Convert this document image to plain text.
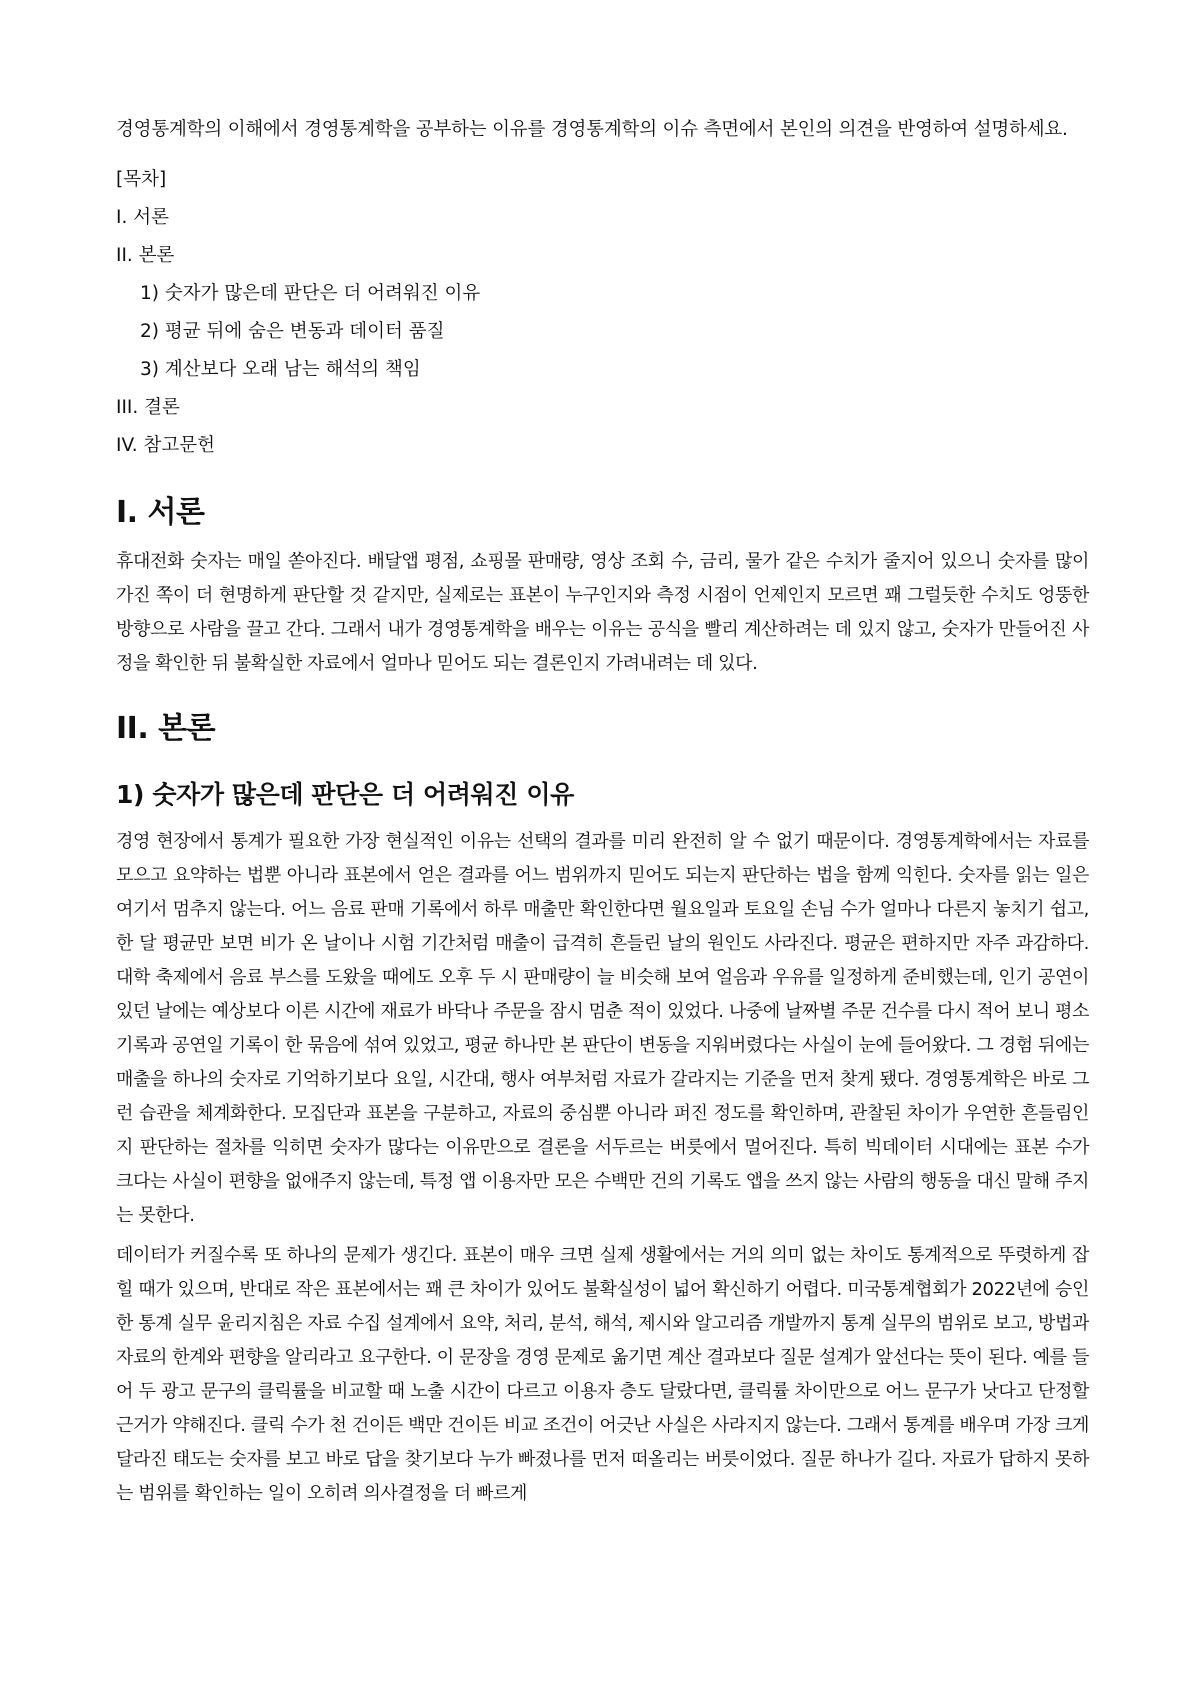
경영통계학의 이해에서 경영통계학을 공부하는 이유를 경영통계학의 이슈 측면에서 본인의 의견을 반영하여 설명하세요.

[목차]

I. 서론

II. 본론

1) 숫자가 많은데 판단은 더 어려워진 이유

2) 평균 뒤에 숨은 변동과 데이터 품질

3) 계산보다 오래 남는 해석의 책임

III. 결론

IV. 참고문헌

I. 서론

휴대전화 숫자는 매일 쏟아진다. 배달앱 평점, 쇼핑몰 판매량, 영상 조회 수, 금리, 물가 같은 수치가 줄지어 있으니 숫자를 많이 가진 쪽이 더 현명하게 판단할 것 같지만, 실제로는 표본이 누구인지와 측정 시점이 언제인지 모르면 꽤 그럴듯한 수치도 엉뚱한 방향으로 사람을 끌고 간다. 그래서 내가 경영통계학을 배우는 이유는 공식을 빨리 계산하려는 데 있지 않고, 숫자가 만들어진 사정을 확인한 뒤 불확실한 자료에서 얼마나 믿어도 되는 결론인지 가려내려는 데 있다.

II. 본론
1) 숫자가 많은데 판단은 더 어려워진 이유

경영 현장에서 통계가 필요한 가장 현실적인 이유는 선택의 결과를 미리 완전히 알 수 없기 때문이다. 경영통계학에서는 자료를 모으고 요약하는 법뿐 아니라 표본에서 얻은 결과를 어느 범위까지 믿어도 되는지 판단하는 법을 함께 익힌다. 숫자를 읽는 일은 여기서 멈추지 않는다. 어느 음료 판매 기록에서 하루 매출만 확인한다면 월요일과 토요일 손님 수가 얼마나 다른지 놓치기 쉽고, 한 달 평균만 보면 비가 온 날이나 시험 기간처럼 매출이 급격히 흔들린 날의 원인도 사라진다. 평균은 편하지만 자주 과감하다. 대학 축제에서 음료 부스를 도왔을 때에도 오후 두 시 판매량이 늘 비슷해 보여 얼음과 우유를 일정하게 준비했는데, 인기 공연이 있던 날에는 예상보다 이른 시간에 재료가 바닥나 주문을 잠시 멈춘 적이 있었다. 나중에 날짜별 주문 건수를 다시 적어 보니 평소 기록과 공연일 기록이 한 묶음에 섞여 있었고, 평균 하나만 본 판단이 변동을 지워버렸다는 사실이 눈에 들어왔다. 그 경험 뒤에는 매출을 하나의 숫자로 기억하기보다 요일, 시간대, 행사 여부처럼 자료가 갈라지는 기준을 먼저 찾게 됐다. 경영통계학은 바로 그런 습관을 체계화한다. 모집단과 표본을 구분하고, 자료의 중심뿐 아니라 퍼진 정도를 확인하며, 관찰된 차이가 우연한 흔들림인지 판단하는 절차를 익히면 숫자가 많다는 이유만으로 결론을 서두르는 버릇에서 멀어진다. 특히 빅데이터 시대에는 표본 수가 크다는 사실이 편향을 없애주지 않는데, 특정 앱 이용자만 모은 수백만 건의 기록도 앱을 쓰지 않는 사람의 행동을 대신 말해 주지는 못한다.

데이터가 커질수록 또 하나의 문제가 생긴다. 표본이 매우 크면 실제 생활에서는 거의 의미 없는 차이도 통계적으로 뚜렷하게 잡힐 때가 있으며, 반대로 작은 표본에서는 꽤 큰 차이가 있어도 불확실성이 넓어 확신하기 어렵다. 미국통계협회가 2022년에 승인한 통계 실무 윤리지침은 자료 수집 설계에서 요약, 처리, 분석, 해석, 제시와 알고리즘 개발까지 통계 실무의 범위로 보고, 방법과 자료의 한계와 편향을 알리라고 요구한다. 이 문장을 경영 문제로 옮기면 계산 결과보다 질문 설계가 앞선다는 뜻이 된다. 예를 들어 두 광고 문구의 클릭률을 비교할 때 노출 시간이 다르고 이용자 층도 달랐다면, 클릭률 차이만으로 어느 문구가 낫다고 단정할 근거가 약해진다. 클릭 수가 천 건이든 백만 건이든 비교 조건이 어긋난 사실은 사라지지 않는다. 그래서 통계를 배우며 가장 크게 달라진 태도는 숫자를 보고 바로 답을 찾기보다 누가 빠졌나를 먼저 떠올리는 버릇이었다. 질문 하나가 길다. 자료가 답하지 못하는 범위를 확인하는 일이 오히려 의사결정을 더 빠르게
